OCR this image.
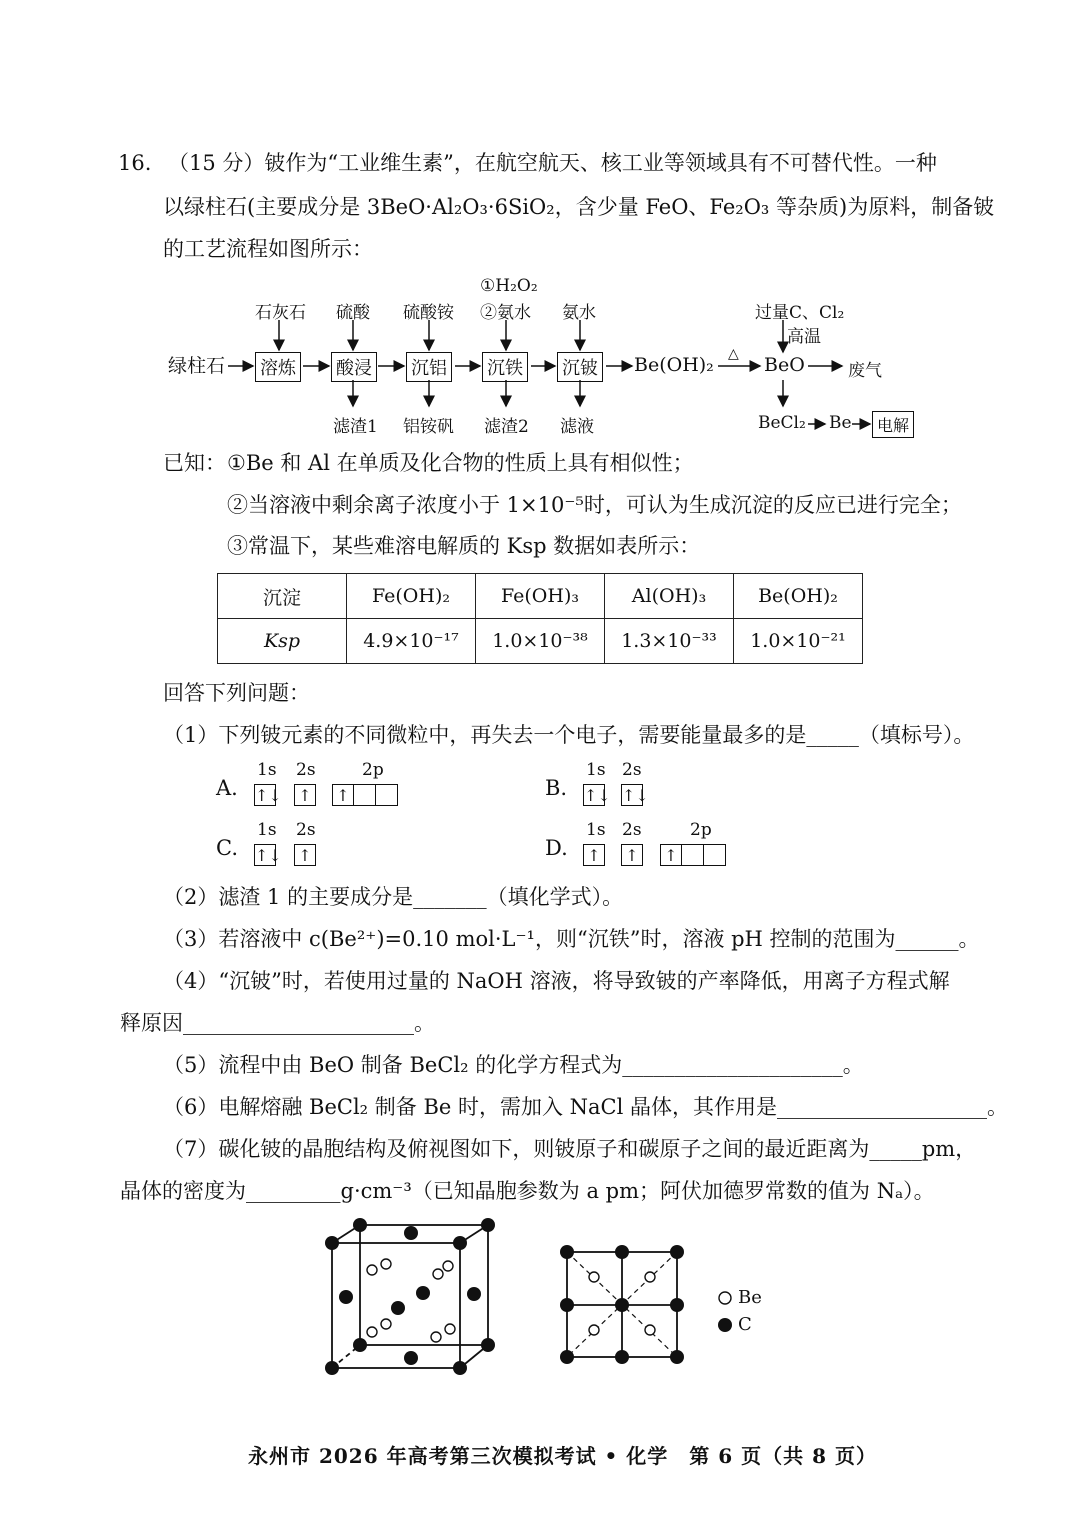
16. （15 分）铍作为“工业维生素”，在航空航天、核工业等领域具有不可替代性。一种
以绿柱石(主要成分是 3BeO·Al₂O₃·6SiO₂，含少量 FeO、Fe₂O₃ 等杂质)为原料，制备铍
的工艺流程如图所示：
绿柱石 溶炼 酸浸 沉铝 沉铁 沉铍
石灰石 硫酸 硫酸铵
①H₂O₂
②氨水 氨水
滤渣1 铝铵矾 滤渣2 滤液
Be(OH)₂ △ BeO	废气
过量C、Cl₂
高温
BeCl₂ Be	电解
已知： ①Be 和 Al 在单质及化合物的性质上具有相似性；
②当溶液中剩余离子浓度小于 1×10⁻⁵时，可认为生成沉淀的反应已进行完全；
③常温下，某些难溶电解质的 Ksp 数据如表所示：
沉淀	Fe(OH)₂	Fe(OH)₃	Al(OH)₃	Be(OH)₂
Ksp	4.9×10⁻¹⁷	1.0×10⁻³⁸	1.3×10⁻³³	1.0×10⁻²¹
回答下列问题：
（1）下列铍元素的不同微粒中，再失去一个电子，需要能量最多的是_____（填标号）。
A.
1s 2s	2p
↑↓ ↑ ↑	B.
1s 2s
↑↓ ↑↓
C.
1s 2s
↑↓ ↑	D.
1s 2s	2p
↑ ↑ ↑
（2）滤渣 1 的主要成分是_______（填化学式）。
（3）若溶液中 c(Be²⁺)=0.10 mol·L⁻¹，则“沉铁”时，溶液 pH 控制的范围为______。
（4）“沉铍”时，若使用过量的 NaOH 溶液，将导致铍的产率降低，用离子方程式解
释原因______________________。
（5）流程中由 BeO 制备 BeCl₂ 的化学方程式为_____________________。
（6）电解熔融 BeCl₂ 制备 Be 时，需加入 NaCl 晶体，其作用是____________________。
（7）碳化铍的晶胞结构及俯视图如下，则铍原子和碳原子之间的最近距离为_____pm，
晶体的密度为_________g·cm⁻³（已知晶胞参数为 a pm；阿伏加德罗常数的值为 Nₐ）。
Be
C
永州市 2026 年高考第三次模拟考试 • 化学　第 6 页（共 8 页）
